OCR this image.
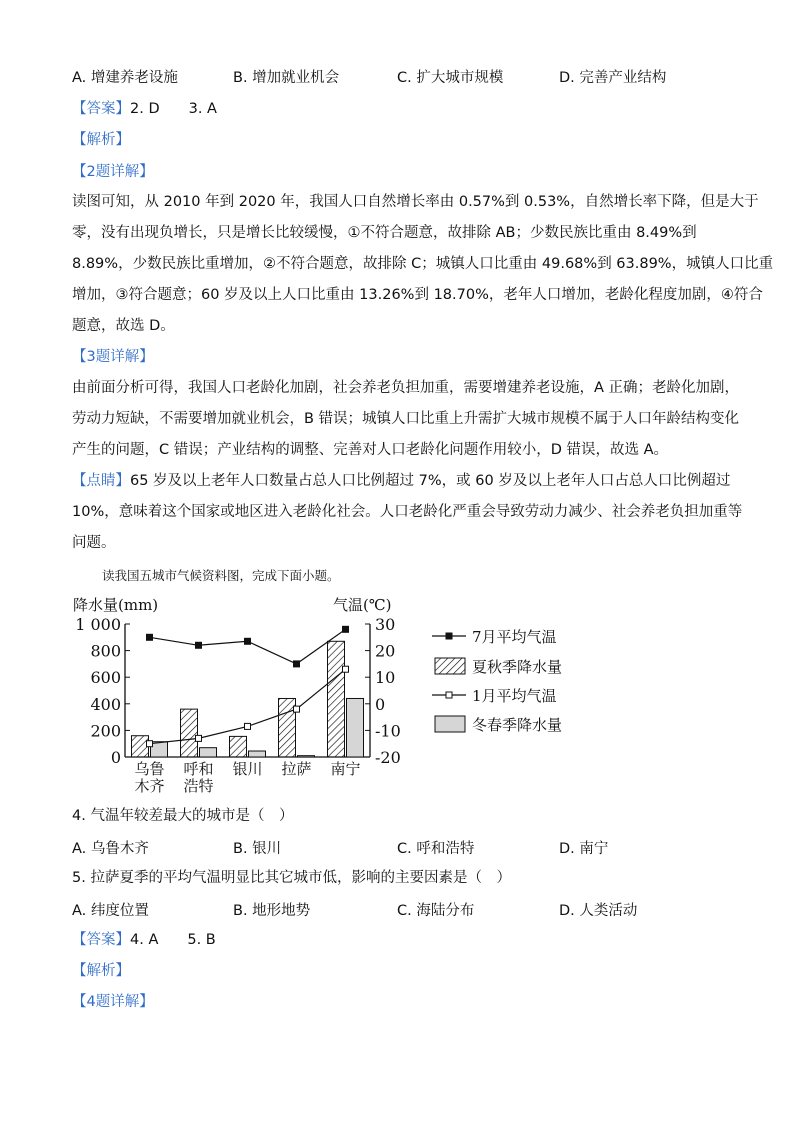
A. 增建养老设施	B. 增加就业机会	C. 扩大城市规模	D. 完善产业结构
【答案】2. D　　3. A
【解析】
【2题详解】
读图可知，从 2010 年到 2020 年，我国人口自然增长率由 0.57%到 0.53%，自然增长率下降，但是大于
零，没有出现负增长，只是增长比较缓慢，①不符合题意，故排除 AB；少数民族比重由 8.49%到
8.89%，少数民族比重增加，②不符合题意，故排除 C；城镇人口比重由 49.68%到 63.89%，城镇人口比重
增加，③符合题意；60 岁及以上人口比重由 13.26%到 18.70%，老年人口增加，老龄化程度加剧，④符合
题意，故选 D。
【3题详解】
由前面分析可得，我国人口老龄化加剧，社会养老负担加重，需要增建养老设施，A 正确；老龄化加剧，
劳动力短缺，不需要增加就业机会，B 错误；城镇人口比重上升需扩大城市规模不属于人口年龄结构变化
产生的问题，C 错误；产业结构的调整、完善对人口老龄化问题作用较小，D 错误，故选 A。
【点睛】65 岁及以上老年人口数量占总人口比例超过 7%，或 60 岁及以上老年人口占总人口比例超过
10%，意味着这个国家或地区进入老龄化社会。人口老龄化严重会导致劳动力减少、社会养老负担加重等
问题。
读我国五城市气候资料图，完成下面小题。
降水量(mm)	气温(℃)
1 000
800
600
400
200
0
30
20
10
0
-10
-20
乌鲁
木齐
呼和
浩特
银川 拉萨 南宁
7月平均气温
夏秋季降水量
1月平均气温
冬春季降水量
4. 气温年较差最大的城市是（　）
A. 乌鲁木齐	B. 银川	C. 呼和浩特	D. 南宁
5. 拉萨夏季的平均气温明显比其它城市低，影响的主要因素是（　）
A. 纬度位置	B. 地形地势	C. 海陆分布	D. 人类活动
【答案】4. A　　5. B
【解析】
【4题详解】
